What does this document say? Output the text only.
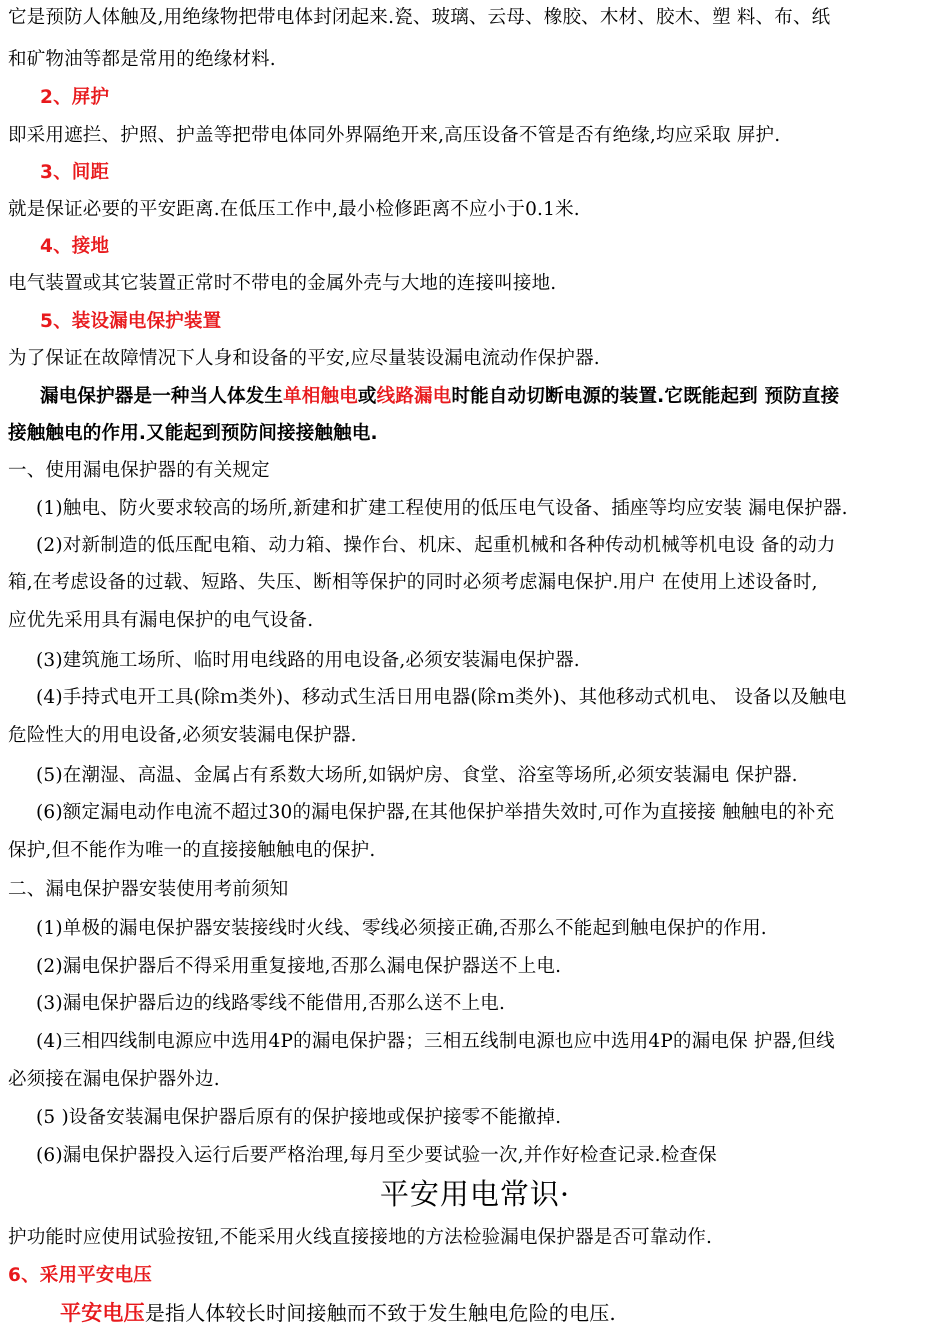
它是预防人体触及,用绝缘物把带电体封闭起来.瓷、玻璃、云母、橡胶、木材、胶木、塑 料、布、纸
和矿物油等都是常用的绝缘材料.
2、屏护
即采用遮拦、护照、护盖等把带电体同外界隔绝开来,高压设备不管是否有绝缘,均应采取 屏护.
3、间距
就是保证必要的平安距离.在低压工作中,最小检修距离不应小于0.1米.
4、接地
电气装置或其它装置正常时不带电的金属外壳与大地的连接叫接地.
5、装设漏电保护装置
为了保证在故障情况下人身和设备的平安,应尽量装设漏电流动作保护器.
漏电保护器是一种当人体发生单相触电或线路漏电时能自动切断电源的装置.它既能起到 预防直接
接触触电的作用.又能起到预防间接接触触电.
一、使用漏电保护器的有关规定
(1)触电、防火要求较高的场所,新建和扩建工程使用的低压电气设备、插座等均应安装 漏电保护器.
(2)对新制造的低压配电箱、动力箱、操作台、机床、起重机械和各种传动机械等机电设 备的动力
箱,在考虑设备的过载、短路、失压、断相等保护的同时必须考虑漏电保护.用户 在使用上述设备时,
应优先采用具有漏电保护的电气设备.
(3)建筑施工场所、临时用电线路的用电设备,必须安装漏电保护器.
(4)手持式电开工具(除ｍ类外)、移动式生活日用电器(除ｍ类外)、其他移动式机电、 设备以及触电
危险性大的用电设备,必须安装漏电保护器.
(5)在潮湿、高温、金属占有系数大场所,如锅炉房、食堂、浴室等场所,必须安装漏电 保护器.
(6)额定漏电动作电流不超过30的漏电保护器,在其他保护举措失效时,可作为直接接 触触电的补充
保护,但不能作为唯一的直接接触触电的保护.
二、漏电保护器安装使用考前须知
(1)单极的漏电保护器安装接线时火线、零线必须接正确,否那么不能起到触电保护的作用.
(2)漏电保护器后不得采用重复接地,否那么漏电保护器送不上电.
(3)漏电保护器后边的线路零线不能借用,否那么送不上电.
(4)三相四线制电源应中选用4P的漏电保护器；三相五线制电源也应中选用4P的漏电保 护器,但线
必须接在漏电保护器外边.
(5 )设备安装漏电保护器后原有的保护接地或保护接零不能撤掉.
(6)漏电保护器投入运行后要严格治理,每月至少要试验一次,并作好检查记录.检查保
平安用电常识·
护功能时应使用试验按钮,不能采用火线直接接地的方法检验漏电保护器是否可靠动作.
6、采用平安电压
平安电压是指人体较长时间接触而不致于发生触电危险的电压.
